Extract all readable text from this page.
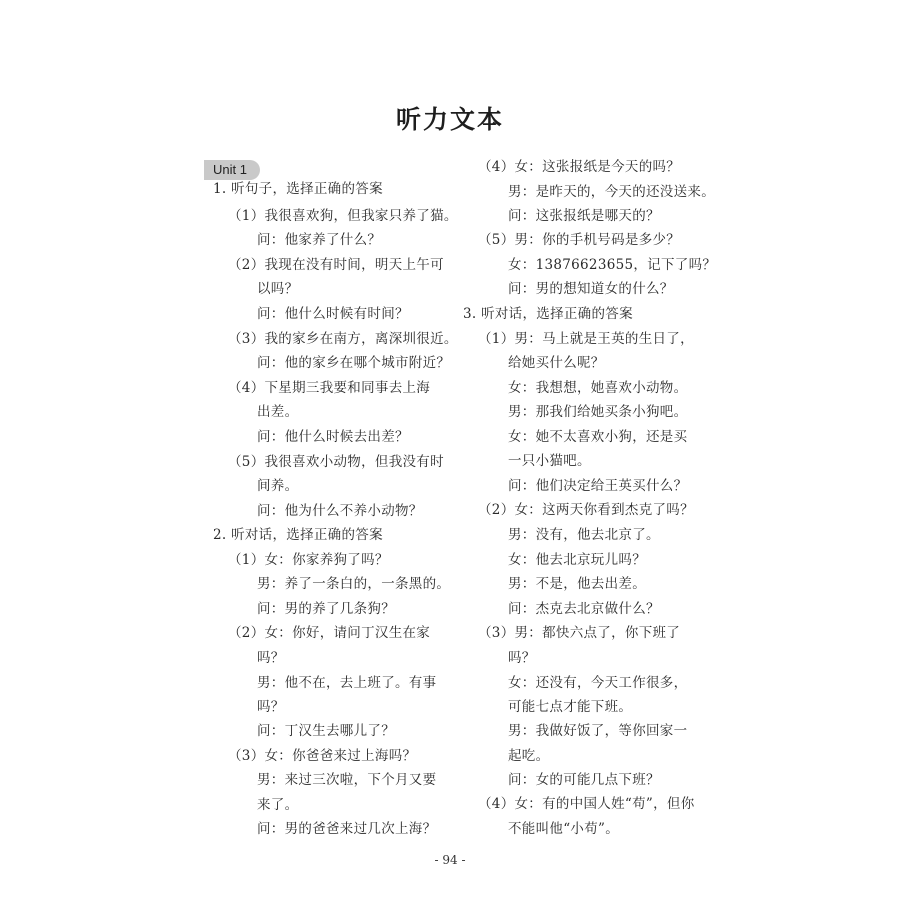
听力文本
Unit 1
1. 听句子，选择正确的答案
（1）我很喜欢狗，但我家只养了猫。
问：他家养了什么？
（2）我现在没有时间，明天上午可
以吗？
问：他什么时候有时间？
（3）我的家乡在南方，离深圳很近。
问：他的家乡在哪个城市附近？
（4）下星期三我要和同事去上海
出差。
问：他什么时候去出差？
（5）我很喜欢小动物，但我没有时
间养。
问：他为什么不养小动物？
2. 听对话，选择正确的答案
（1）女：你家养狗了吗？
男：养了一条白的，一条黑的。
问：男的养了几条狗？
（2）女：你好，请问丁汉生在家
吗？
男：他不在，去上班了。有事
吗？
问：丁汉生去哪儿了？
（3）女：你爸爸来过上海吗？
男：来过三次啦，下个月又要
来了。
问：男的爸爸来过几次上海？
（4）女：这张报纸是今天的吗？
男：是昨天的，今天的还没送来。
问：这张报纸是哪天的？
（5）男：你的手机号码是多少？
女：13876623655，记下了吗？
问：男的想知道女的什么？
3. 听对话，选择正确的答案
（1）男：马上就是王英的生日了，
给她买什么呢？
女：我想想，她喜欢小动物。
男：那我们给她买条小狗吧。
女：她不太喜欢小狗，还是买
一只小猫吧。
问：他们决定给王英买什么？
（2）女：这两天你看到杰克了吗？
男：没有，他去北京了。
女：他去北京玩儿吗？
男：不是，他去出差。
问：杰克去北京做什么？
（3）男：都快六点了，你下班了
吗？
女：还没有，今天工作很多，
可能七点才能下班。
男：我做好饭了，等你回家一
起吃。
问：女的可能几点下班？
（4）女：有的中国人姓“苟”，但你
不能叫他“小苟”。
- 94 -
